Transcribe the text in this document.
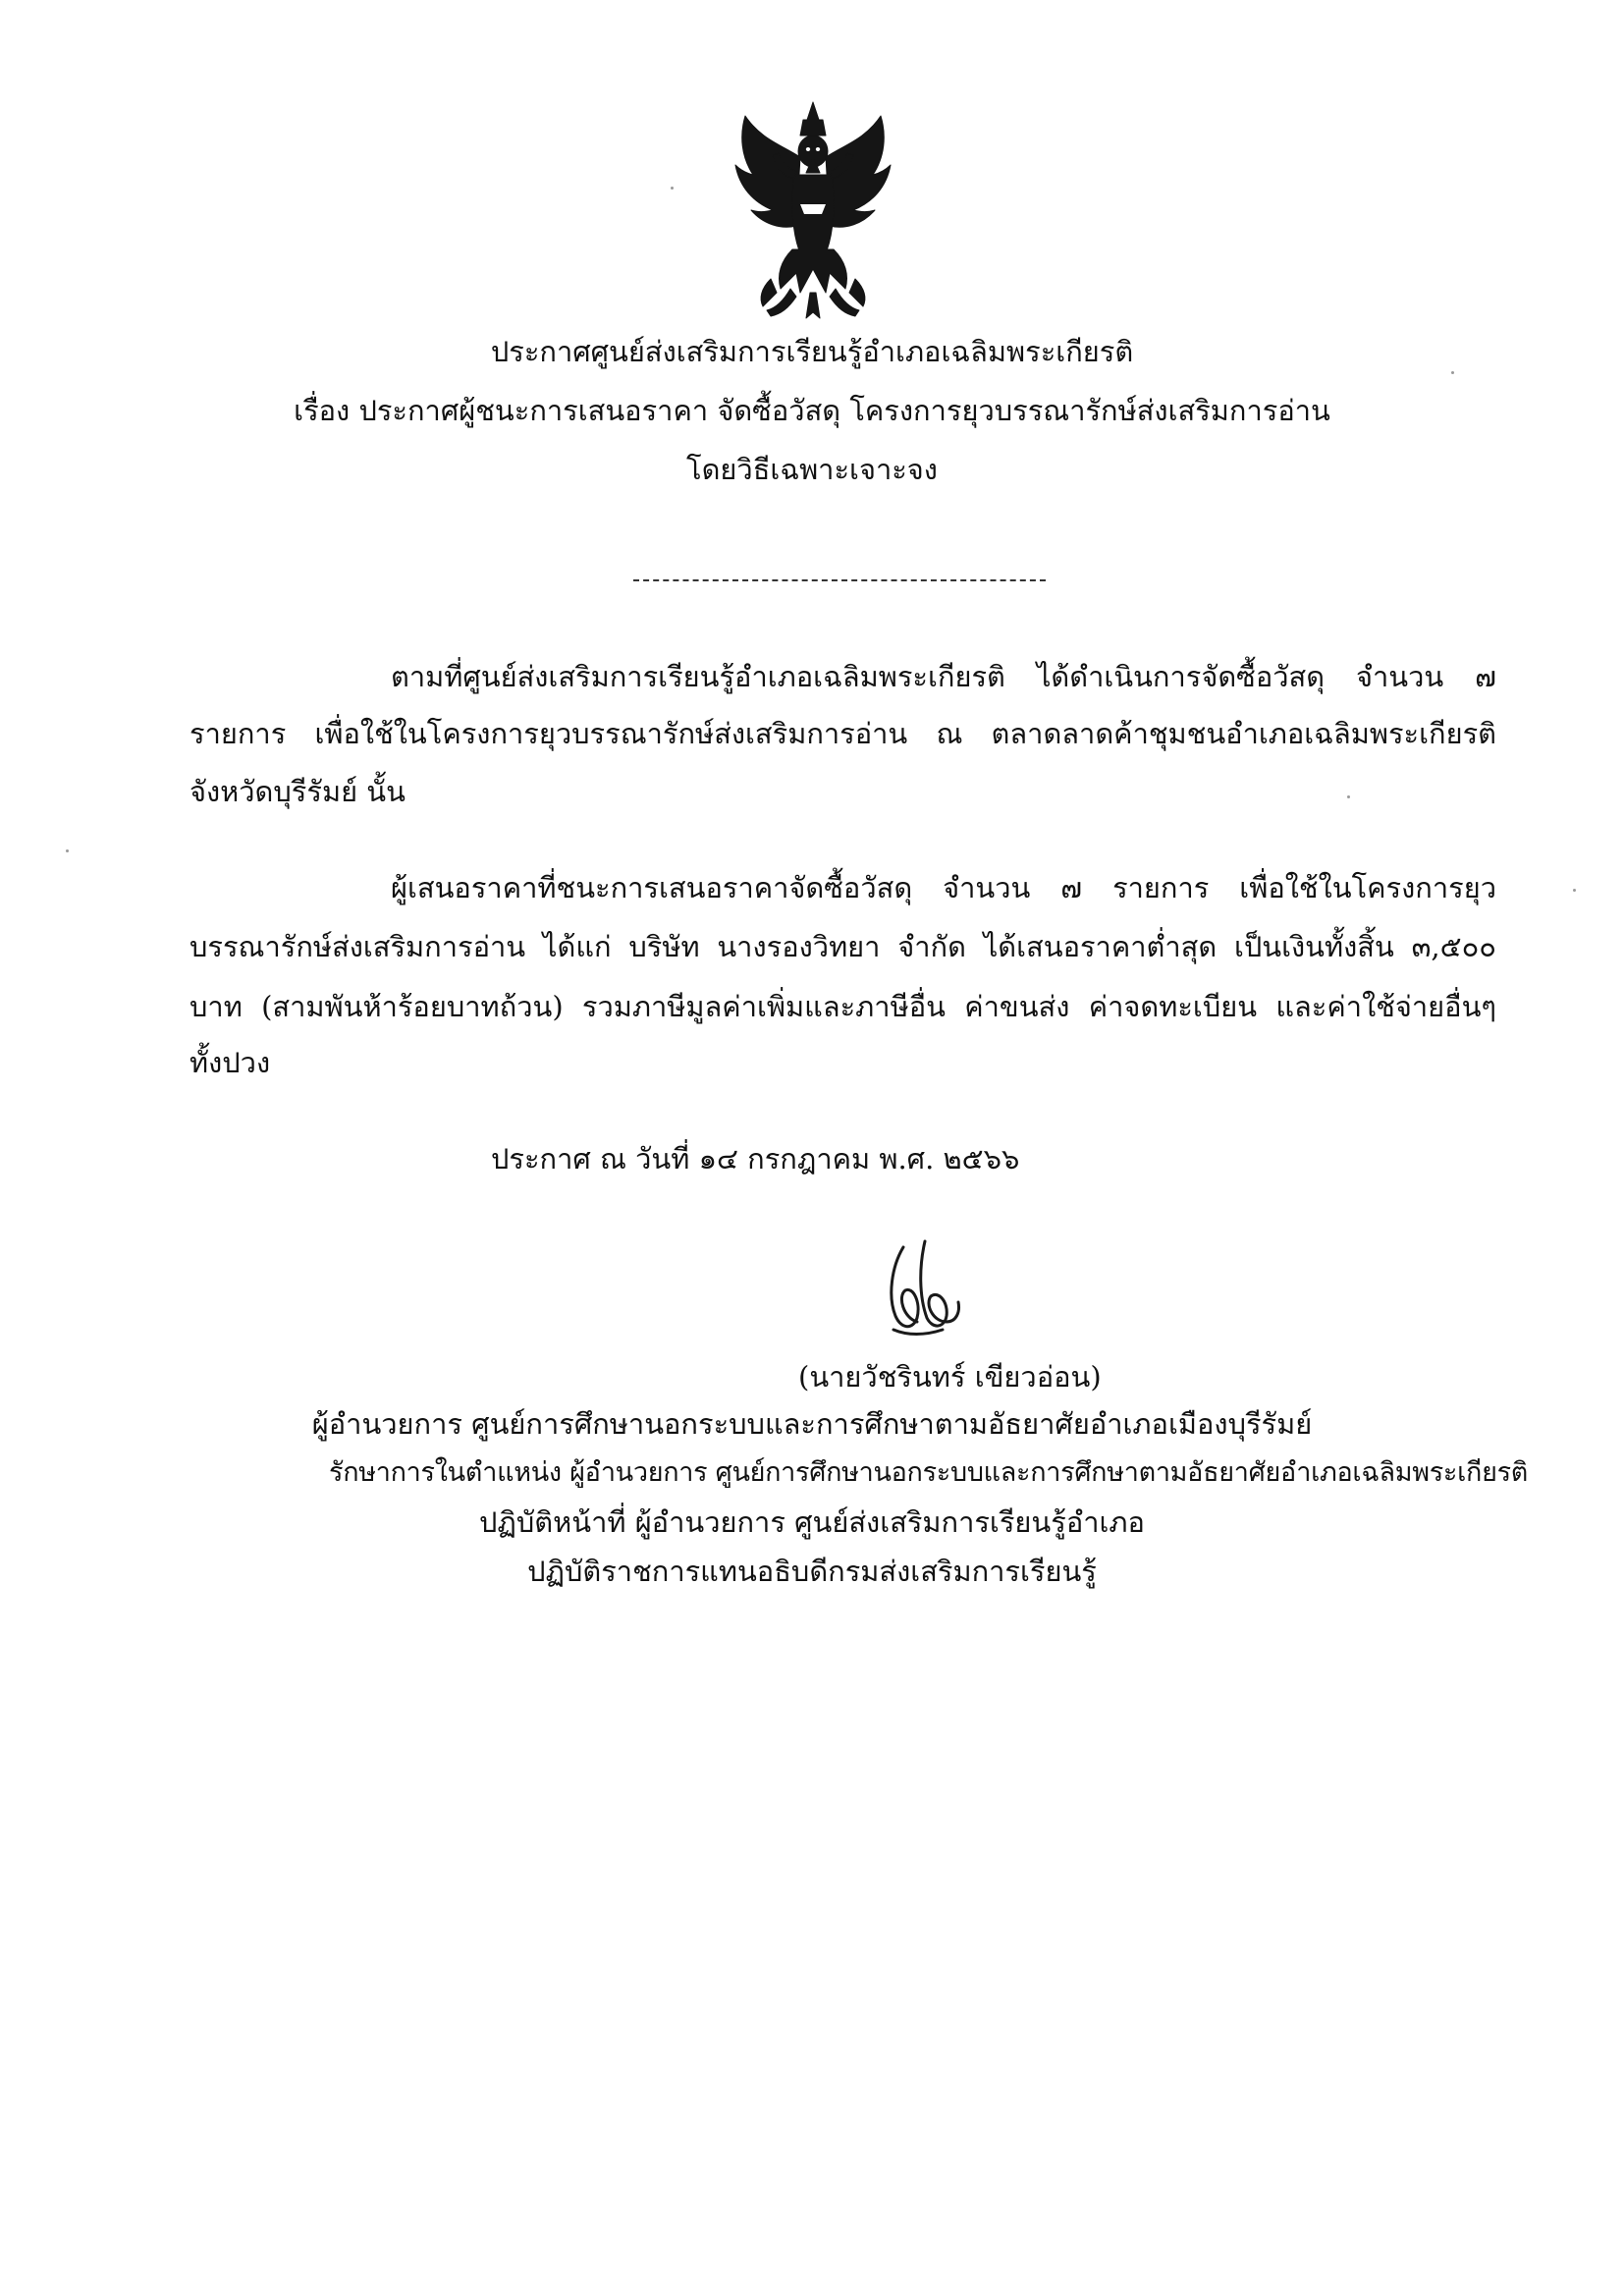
ประกาศศูนย์ส่งเสริมการเรียนรู้อำเภอเฉลิมพระเกียรติ
เรื่อง ประกาศผู้ชนะการเสนอราคา จัดซื้อวัสดุ โครงการยุวบรรณารักษ์ส่งเสริมการอ่าน
โดยวิธีเฉพาะเจาะจง
ตามที่ศูนย์ส่งเสริมการเรียนรู้อำเภอเฉลิมพระเกียรติ ได้ดำเนินการจัดซื้อวัสดุ จำนวน ๗
รายการ เพื่อใช้ในโครงการยุวบรรณารักษ์ส่งเสริมการอ่าน ณ ตลาดลาดค้าชุมชนอำเภอเฉลิมพระเกียรติ
จังหวัดบุรีรัมย์ นั้น
ผู้เสนอราคาที่ชนะการเสนอราคาจัดซื้อวัสดุ จำนวน ๗ รายการ เพื่อใช้ในโครงการยุว
บรรณารักษ์ส่งเสริมการอ่าน ได้แก่ บริษัท นางรองวิทยา จำกัด ได้เสนอราคาต่ำสุด เป็นเงินทั้งสิ้น ๓,๕๐๐
บาท (สามพันห้าร้อยบาทถ้วน) รวมภาษีมูลค่าเพิ่มและภาษีอื่น ค่าขนส่ง ค่าจดทะเบียน และค่าใช้จ่ายอื่นๆ
ทั้งปวง
ประกาศ ณ วันที่ ๑๔ กรกฎาคม พ.ศ. ๒๕๖๖
(นายวัชรินทร์ เขียวอ่อน)
ผู้อำนวยการ ศูนย์การศึกษานอกระบบและการศึกษาตามอัธยาศัยอำเภอเมืองบุรีรัมย์
รักษาการในตำแหน่ง ผู้อำนวยการ ศูนย์การศึกษานอกระบบและการศึกษาตามอัธยาศัยอำเภอเฉลิมพระเกียรติ
ปฏิบัติหน้าที่ ผู้อำนวยการ ศูนย์ส่งเสริมการเรียนรู้อำเภอ
ปฏิบัติราชการแทนอธิบดีกรมส่งเสริมการเรียนรู้
